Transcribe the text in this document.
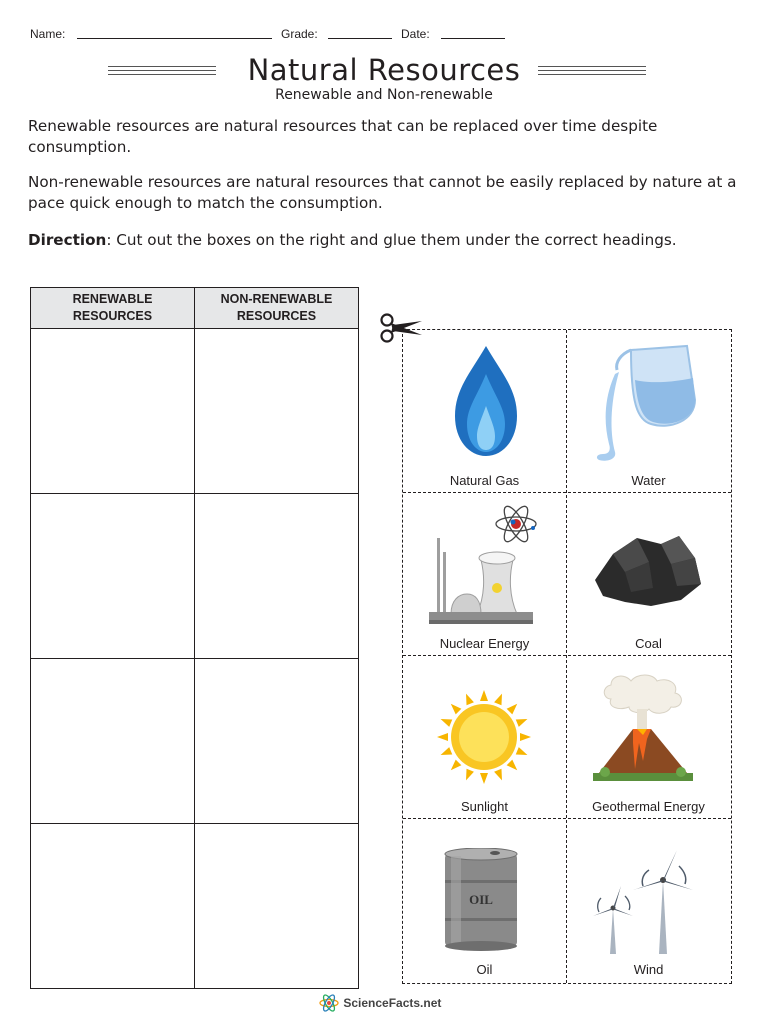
Name:	Grade:	Date:
Natural Resources
Renewable and Non-renewable
Renewable resources are natural resources that can be replaced over time despite consumption.
Non-renewable resources are natural resources that cannot be easily replaced by nature at a pace quick enough to match the consumption.
Direction: Cut out the boxes on the right and glue them under the correct headings.
RENEWABLE RESOURCES	NON-RENEWABLE RESOURCES

Natural Gas	Water
Nuclear Energy	Coal
Sunlight	Geothermal Energy
OIL
Oil	Wind
ScienceFacts.net
